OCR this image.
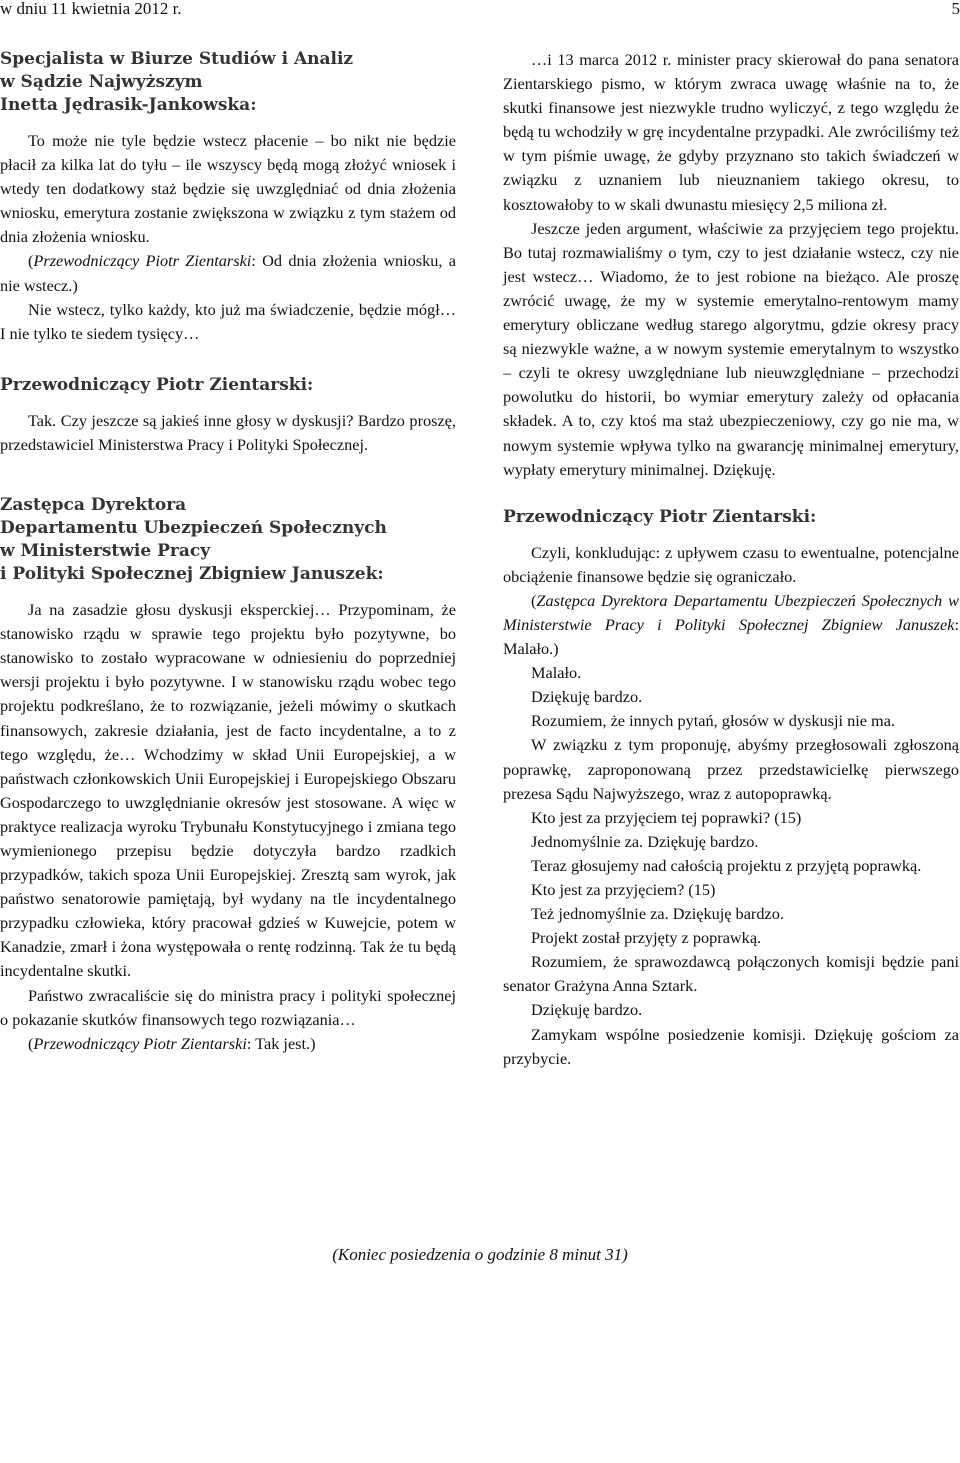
w dniu 11 kwietnia 2012 r.	5
Specjalista w Biurze Studiów i Analiz
w Sądzie Najwyższym
Inetta Jędrasik-Jankowska:

To może nie tyle będzie wstecz płacenie – bo nikt nie będzie płacił za kilka lat do tyłu – ile wszyscy będą mogą złożyć wniosek i wtedy ten dodatkowy staż będzie się uwzględniać od dnia złożenia wniosku, emerytura zostanie zwiększona w związku z tym stażem od dnia złożenia wniosku.

(Przewodniczący Piotr Zientarski: Od dnia złożenia wniosku, a nie wstecz.)

Nie wstecz, tylko każdy, kto już ma świadczenie, będzie mógł… I nie tylko te siedem tysięcy…

Przewodniczący Piotr Zientarski:

Tak. Czy jeszcze są jakieś inne głosy w dyskusji? Bardzo proszę, przedstawiciel Ministerstwa Pracy i Polityki Społecznej.

Zastępca Dyrektora
Departamentu Ubezpieczeń Społecznych
w Ministerstwie Pracy
i Polityki Społecznej Zbigniew Januszek:

Ja na zasadzie głosu dyskusji eksperckiej… Przypominam, że stanowisko rządu w sprawie tego projektu było pozytywne, bo stanowisko to zostało wypracowane w odniesieniu do poprzedniej wersji projektu i było pozytywne. I w stanowisku rządu wobec tego projektu podkreślano, że to rozwiązanie, jeżeli mówimy o skutkach finansowych, zakresie działania, jest de facto incydentalne, a to z tego względu, że… Wchodzimy w skład Unii Europejskiej, a w państwach członkowskich Unii Europejskiej i Europejskiego Obszaru Gospodarczego to uwzględnianie okresów jest stosowane. A więc w praktyce realizacja wyroku Trybunału Konstytucyjnego i zmiana tego wymienionego przepisu będzie dotyczyła bardzo rzadkich przypadków, takich spoza Unii Europejskiej. Zresztą sam wyrok, jak państwo senatorowie pamiętają, był wydany na tle incydentalnego przypadku człowieka, który pracował gdzieś w Kuwejcie, potem w Kanadzie, zmarł i żona występowała o rentę rodzinną. Tak że tu będą incydentalne skutki.

Państwo zwracaliście się do ministra pracy i polityki społecznej o pokazanie skutków finansowych tego rozwiązania…

(Przewodniczący Piotr Zientarski: Tak jest.)

…i 13 marca 2012 r. minister pracy skierował do pana senatora Zientarskiego pismo, w którym zwraca uwagę właśnie na to, że skutki finansowe jest niezwykle trudno wyliczyć, z tego względu że będą tu wchodziły w grę incydentalne przypadki. Ale zwróciliśmy też w tym piśmie uwagę, że gdyby przyznano sto takich świadczeń w związku z uznaniem lub nieuznaniem takiego okresu, to kosztowałoby to w skali dwunastu miesięcy 2,5 miliona zł.

Jeszcze jeden argument, właściwie za przyjęciem tego projektu. Bo tutaj rozmawialiśmy o tym, czy to jest działanie wstecz, czy nie jest wstecz… Wiadomo, że to jest robione na bieżąco. Ale proszę zwrócić uwagę, że my w systemie emerytalno-rentowym mamy emerytury obliczane według starego algorytmu, gdzie okresy pracy są niezwykle ważne, a w nowym systemie emerytalnym to wszystko – czyli te okresy uwzględniane lub nieuwzględniane – przechodzi powolutku do historii, bo wymiar emerytury zależy od opłacania składek. A to, czy ktoś ma staż ubezpieczeniowy, czy go nie ma, w nowym systemie wpływa tylko na gwarancję minimalnej emerytury, wypłaty emerytury minimalnej. Dziękuję.

Przewodniczący Piotr Zientarski:

Czyli, konkludując: z upływem czasu to ewentualne, potencjalne obciążenie finansowe będzie się ograniczało.

(Zastępca Dyrektora Departamentu Ubezpieczeń Społecznych w Ministerstwie Pracy i Polityki Społecznej Zbigniew Januszek: Malało.)

Malało.

Dziękuję bardzo.

Rozumiem, że innych pytań, głosów w dyskusji nie ma.

W związku z tym proponuję, abyśmy przegłosowali zgłoszoną poprawkę, zaproponowaną przez przedstawicielkę pierwszego prezesa Sądu Najwyższego, wraz z autopoprawką.

Kto jest za przyjęciem tej poprawki? (15)

Jednomyślnie za. Dziękuję bardzo.

Teraz głosujemy nad całością projektu z przyjętą poprawką.

Kto jest za przyjęciem? (15)

Też jednomyślnie za. Dziękuję bardzo.

Projekt został przyjęty z poprawką.

Rozumiem, że sprawozdawcą połączonych komisji będzie pani senator Grażyna Anna Sztark.

Dziękuję bardzo.

Zamykam wspólne posiedzenie komisji. Dziękuję gościom za przybycie.

(Koniec posiedzenia o godzinie 8 minut 31)
